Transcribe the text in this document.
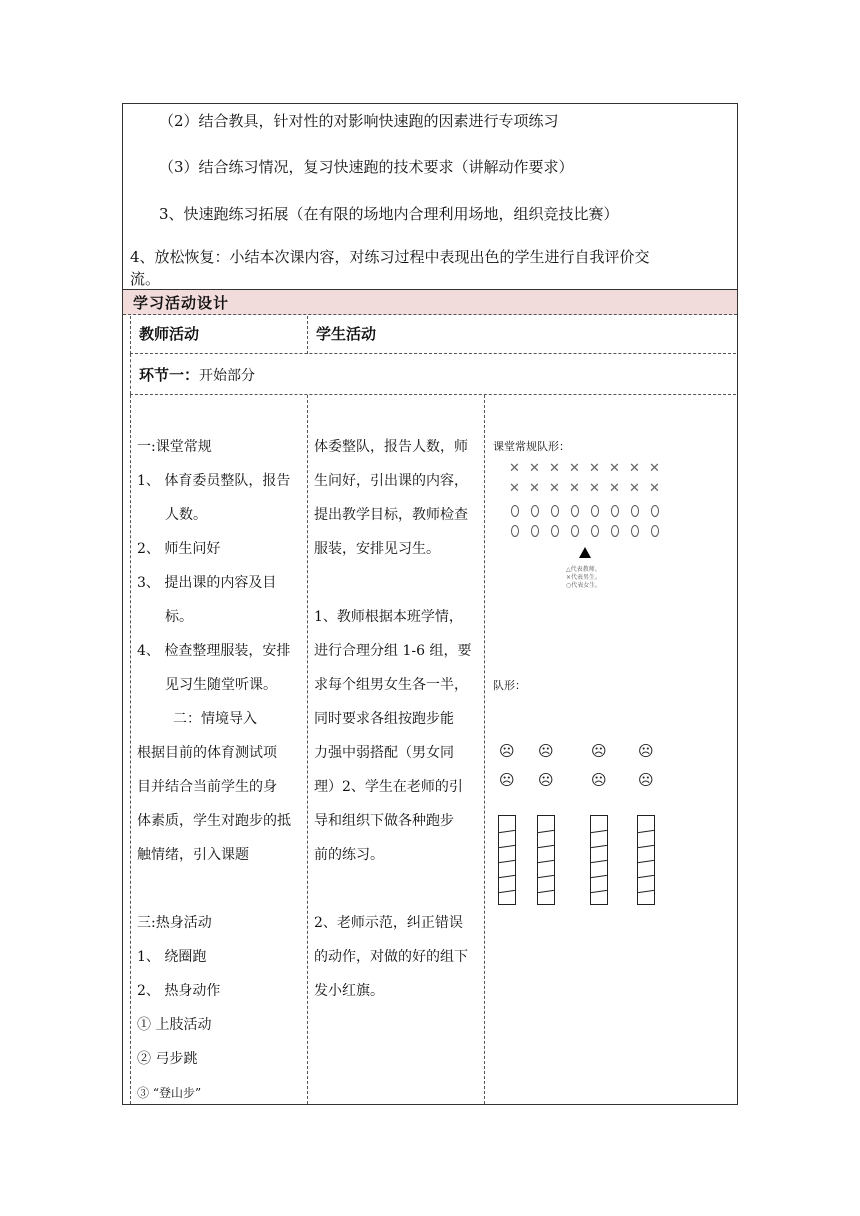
（2）结合教具，针对性的对影响快速跑的因素进行专项练习
（3）结合练习情况，复习快速跑的技术要求（讲解动作要求）
3、快速跑练习拓展（在有限的场地内合理利用场地，组织竞技比赛）
4、放松恢复：小结本次课内容，对练习过程中表现出色的学生进行自我评价交
流。
学习活动设计
教师活动	学生活动
环节一：开始部分
一:课堂常规
1、 体育委员整队，报告
人数。
2、 师生问好
3、 提出课的内容及目
标。
4、 检查整理服装，安排
见习生随堂听课。
二：情境导入
根据目前的体育测试项
目并结合当前学生的身
体素质，学生对跑步的抵
触情绪，引入课题
三:热身活动
1、 绕圈跑
2、 热身动作
① 上肢活动
② 弓步跳
③ “登山步”
体委整队，报告人数，师
生问好，引出课的内容，
提出教学目标，教师检查
服装，安排见习生。
1、教师根据本班学情，
进行合理分组 1-6 组，要
求每个组男女生各一半，
同时要求各组按跑步能
力强中弱搭配（男女同
理）2、学生在老师的引
导和组织下做各种跑步
前的练习。
2、老师示范，纠正错误
的动作，对做的好的组下
发小红旗。
课堂常规队形：
✕ ✕ ✕ ✕ ✕ ✕ ✕ ✕
✕ ✕ ✕ ✕ ✕ ✕ ✕ ✕
△代表教师。
×代表男生。
○代表女生。
队形：
☹ ☹ ☹ ☹
☹ ☹ ☹ ☹
